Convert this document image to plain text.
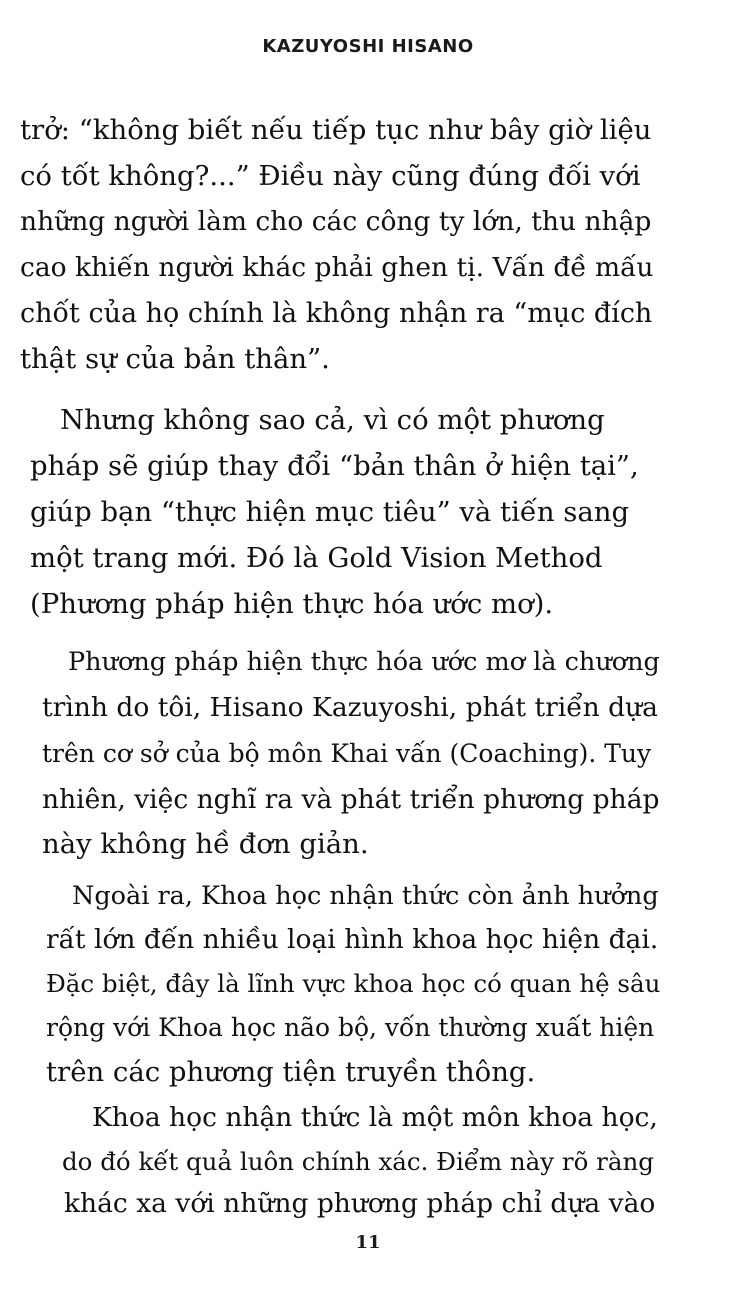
KAZUYOSHI HISANO
trở: “không biết nếu tiếp tục như bây giờ liệu
có tốt không?...” Điều này cũng đúng đối với
những người làm cho các công ty lớn, thu nhập
cao khiến người khác phải ghen tị. Vấn đề mấu
chốt của họ chính là không nhận ra “mục đích
thật sự của bản thân”.
Nhưng không sao cả, vì có một phương
pháp sẽ giúp thay đổi “bản thân ở hiện tại”,
giúp bạn “thực hiện mục tiêu” và tiến sang
một trang mới. Đó là Gold Vision Method
(Phương pháp hiện thực hóa ước mơ).
Phương pháp hiện thực hóa ước mơ là chương
trình do tôi, Hisano Kazuyoshi, phát triển dựa
trên cơ sở của bộ môn Khai vấn (Coaching). Tuy
nhiên, việc nghĩ ra và phát triển phương pháp
này không hề đơn giản.
Ngoài ra, Khoa học nhận thức còn ảnh hưởng
rất lớn đến nhiều loại hình khoa học hiện đại.
Đặc biệt, đây là lĩnh vực khoa học có quan hệ sâu
rộng với Khoa học não bộ, vốn thường xuất hiện
trên các phương tiện truyền thông.
Khoa học nhận thức là một môn khoa học,
do đó kết quả luôn chính xác. Điểm này rõ ràng
khác xa với những phương pháp chỉ dựa vào
11
